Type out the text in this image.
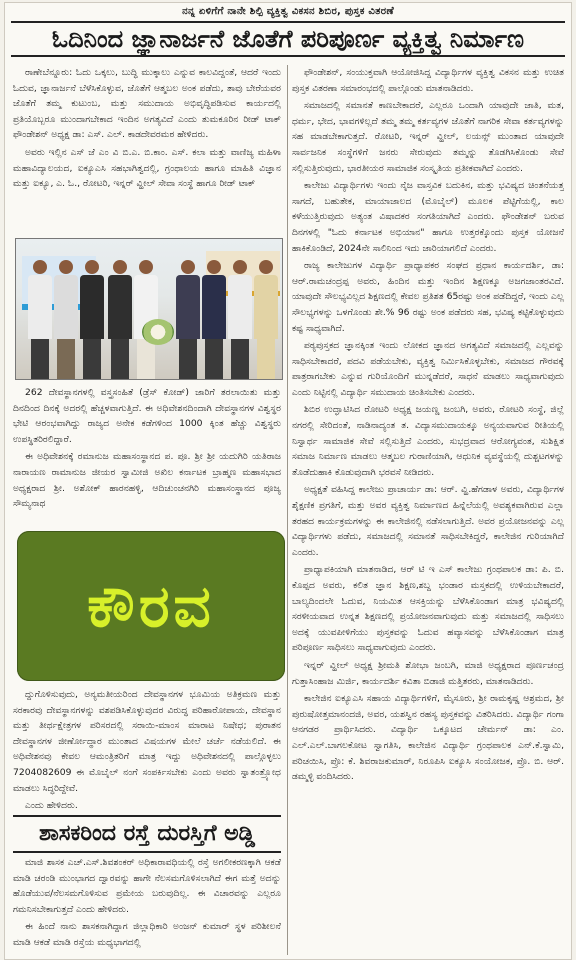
ನನ್ನ ಏಳಿಗೆಗೆ ನಾನೇ ಶಿಲ್ಪಿ ವ್ಯಕ್ತಿತ್ವ ವಿಕಸನ ಶಿಬಿರ, ಪುಸ್ತಕ ವಿತರಣೆ
ಓದಿನಿಂದ ಜ್ಞಾನಾರ್ಜನೆ ಜೊತೆಗೆ ಪರಿಪೂರ್ಣ ವ್ಯಕ್ತಿತ್ವ ನಿರ್ಮಾಣ

ರಾಣೇಬೆನ್ನೂರು: ಓದು ಒಕ್ಕಲು, ಬುದ್ಧಿ ಮುಕ್ಕಾಲು ಎನ್ನುವ ಕಾಲವಿದ್ದಂತೆ, ಆದರೆ ಇಂದು ಓದುವ, ಜ್ಞಾನಾರ್ಜನೆ ಬೆಳೆಸಿಕೊಳ್ಳುವ, ಜೊತೆಗೆ ಆತ್ಮಬಲ ಅಂಕ ಪಡೆದು, ತಾವು ಬೇರೆಯವರ ಜೊತೆಗೆ ತಮ್ಮ ಕುಟುಂಬ, ಮತ್ತು ಸಮುದಾಯ ಅಭಿವೃದ್ಧಿಪಡಿಸುವ ಕಾರ್ಯದಲ್ಲಿ ಪ್ರತಿಯೊಬ್ಬರೂ ಮುಂದಾಗಬೇಕಾದ ಇಂದಿನ ಅಗತ್ಯವಿದೆ ಎಂದು ತುಮಕೂರಿನ ರೀಡ್ ಟಾಕ್ ಫೌಂಡೇಶನ್ ಅಧ್ಯಕ್ಷ ಡಾ: ಎಸ್. ಎಲ್. ಕಾಡದೇವರಮಠ ಹೇಳಿದರು.

ಅವರು ಇಲ್ಲಿನ ಎಸ್ ಜೆ ಎಂ ವಿ ಬಿ.ಎ. ಬಿ.ಕಾಂ. ಎಸ್. ಕಲಾ ಮತ್ತು ವಾಣಿಜ್ಯ ಮಹಿಳಾ ಮಹಾವಿದ್ಯಾಲಯದ, ಐಕ್ಯೂಎಸಿ ಸಹಭಾಗಿತ್ವದಲ್ಲಿ, ಗ್ರಂಥಾಲಯ ಹಾಗೂ ಮಾಹಿತಿ ವಿಜ್ಞಾನ ಮತ್ತು ಐಕ್ಯೂ, ಎ. ಓ., ರೋಟರಿ, ಇನ್ನರ್ ವ್ಹೀಲ್ ಸೇವಾ ಸಂಸ್ಥೆ ಹಾಗೂ ರೀಡ್ ಟಾಕ್

262 ದೇವಸ್ಥಾನಗಳಲ್ಲಿ ವಸ್ತ್ರಸಂಹಿತೆ (ಡ್ರೆಸ್ ಕೋಡ್) ಜಾರಿಗೆ ತರಲಾಯಿತು ಮತ್ತು ದಿನದಿಂದ ದಿನಕ್ಕೆ ಅದರಲ್ಲಿ ಹೆಚ್ಚಳವಾಗುತ್ತಿದೆ. ಈ ಅಧಿವೇಶನದಿಂದಾಗಿ ದೇವಸ್ಥಾನಗಳ ವಿಶ್ವಸ್ಥರ ಭೇಟಿ ಆರಂಭವಾಗಿದ್ದು ರಾಜ್ಯದ ಅನೇಕ ಕಡೆಗಳಿಂದ 1000 ಕ್ಕಿಂತ ಹೆಚ್ಚು ವಿಶ್ವಸ್ಥರು ಉಪಸ್ಥಿತರಿರಲಿದ್ದಾರೆ.

ಈ ಅಧಿವೇಶನಕ್ಕೆ ರಮಾನುಜ ಮಹಾಸಂಸ್ಥಾನದ ಪ. ಪೂ. ಶ್ರೀ ಶ್ರೀ ಯದುಗಿರಿ ಯತಿರಾಜ ನಾರಾಯಣ ರಾಮಾನುಜ ಜೀಯರ ಸ್ವಾಮೀಜಿ ಅಖಿಲ ಕರ್ನಾಟಕ ಬ್ರಾಹ್ಮಣ ಮಹಾಸಭಾದ ಅಧ್ಯಕ್ಷರಾದ ಶ್ರೀ. ಅಶೋಕ್ ಹಾರನಹಳ್ಳಿ, ಆದಿಚುಂಚನಗಿರಿ ಮಹಾಸಂಸ್ಥಾನದ ಪೂಜ್ಯ ಸೌಮ್ಯನಾಥ

ಕೌರವ

ದ್ದುಗೊಳಿಸುವುದು, ಅನ್ಯಮತೀಯರಿಂದ ದೇವಸ್ಥಾನಗಳ ಭೂಮಿಯ ಅತಿಕ್ರಮಣ ಮತ್ತು ಸರಕಾರವು ದೇವಸ್ಥಾನಗಳನ್ನು ವಶಪಡಿಸಿಕೊಳ್ಳುವುದರ ವಿರುದ್ಧ ಪರಿಹಾರೋಪಾಯ, ದೇವಸ್ಥಾನ ಮತ್ತು ತೀರ್ಥಕ್ಷೇತ್ರಗಳ ಪರಿಸರದಲ್ಲಿ ಸರಾಯಿ-ಮಾಂಸ ಮಾರಾಟ ನಿಷೇಧ; ಪುರಾತನ ದೇವಸ್ಥಾನಗಳ ಜೀರ್ಣೋದ್ಧಾರ ಮುಂತಾದ ವಿಷಯಗಳ ಮೇಲೆ ಚರ್ಚೆ ನಡೆಯಲಿದೆ. ಈ ಅಧಿವೇಶನವು ಕೇವಲ ಆಮಂತ್ರಿತರಿಗೆ ಮಾತ್ರ ಇದ್ದು ಅಧಿವೇಶನದಲ್ಲಿ ಪಾಲ್ಗೊಳ್ಳಲು 7204082609 ಈ ಮೊಬೈಲ್ ನಂಗೆ ಸಂಪರ್ಕಿಸಬೇಕು ಎಂದು ಅವರು ಸ್ವಾತಂತ್ರ್ಯೋಧ ಮಾಡಲು ಸಿದ್ಧರಿದ್ದೇವೆ.

ಎಂದು ಹೇಳಿದರು.

ಶಾಸಕರಿಂದ ರಸ್ತೆ ದುರಸ್ತಿಗೆ ಅಡ್ಡಿ

ಮಾಜಿ ಶಾಸಕ ಎಚ್.ಎಸ್.ಶಿವಶಂಕರ್ ಅಧಿಕಾರಾವಧಿಯಲ್ಲಿ ರಸ್ತೆ ಅಗಲೀಕರಣಕ್ಕಾಗಿ ಆಕಡೆ ಮಾಡಿ ಚರಂಡಿ ಮುಂಭಾಗದ ದ್ವಾರವನ್ನು ಹಾಗೇ ನೆಲಸಮಗೊಳಿಸಲಾಗಿದೆ ಈಗ ಮತ್ತೆ ಅದನ್ನು ಹೊಡೆಯುವ/ನೆಲಸಮಗೊಳಿಸುವ ಪ್ರಮೇಯ ಬರುವುದಿಲ್ಲ. ಈ ವಿಚಾರವನ್ನು ಎಲ್ಲರೂ ಗಮನಿಸಬೇಕಾಗುತ್ತದೆ ಎಂದು ಹೇಳಿದರು.

ಈ ಹಿಂದೆ ನಾನು ಶಾಸಕನಾಗಿದ್ದಾಗ ಜಿಲ್ಲಾಧಿಕಾರಿ ಅಂಜನ್ ಕುಮಾರ್ ಸ್ಥಳ ಪರಿಶೀಲನೆ ಮಾಡಿ ಆಕಡೆ ಮಾಡಿ ರಸ್ತೆಯ ಮಧ್ಯಭಾಗದಲ್ಲಿ

ಫೌಂಡೇಶನ್, ಸಂಯುಕ್ತವಾಗಿ ಆಯೋಜಿಸಿದ್ದ ವಿದ್ಯಾರ್ಥಿಗಳ ವ್ಯಕ್ತಿತ್ವ ವಿಕಸನ ಮತ್ತು ಉಚಿತ ಪುಸ್ತಕ ವಿತರಣಾ ಸಮಾರಂಭದಲ್ಲಿ ಪಾಲ್ಗೊಂಡು ಮಾತನಾಡಿದರು.

ಸಮಾಜದಲ್ಲಿ ಸಮಾನತೆ ಕಾಣಬೇಕಾದರೆ, ಎಲ್ಲರೂ ಒಂದಾಗಿ ಯಾವುದೇ ಜಾತಿ, ಮತ, ಧರ್ಮ, ಭೇದ, ಭಾವಗಳಿಲ್ಲದೆ ತಮ್ಮ ತಮ್ಮ ಕರ್ತವ್ಯಗಳ ಜೊತೆಗೆ ನಾಗರಿಕ ಸೇವಾ ಕರ್ತವ್ಯಗಳನ್ನು ಸಹ ಮಾಡಬೇಕಾಗುತ್ತದೆ. ರೋಟರಿ, ಇನ್ನರ್ ವ್ಹೀಲ್, ಲಯನ್ಸ್ ಮುಂತಾದ ಯಾವುದೇ ಸಾರ್ವಜನಿಕ ಸಂಸ್ಥೆಗಳಿಗೆ ಜನರು ಸೇರುವುದು ತಮ್ಮನ್ನು ತೊಡಗಿಸಿಕೊಂಡು ಸೇವೆ ಸಲ್ಲಿಸುತ್ತಿರುವುದು, ಭಾರತೀಯರ ಸಾಮಾಜಿಕ ಸಂಸ್ಕೃತಿಯ ಪ್ರತೀಕವಾಗಿದೆ ಎಂದರು.

ಕಾಲೇಜು ವಿದ್ಯಾರ್ಥಿಗಳು ಇಂದು ನೈಜ ವಾಸ್ತವಿಕ ಬದುಕಿನ, ಮತ್ತು ಭವಿಷ್ಯದ ಚಿಂತನೆಯತ್ತ ಸಾಗದೆ, ಬಹುತೇಕ, ಮಾಯಾಜಾಲದ (ಮೊಬೈಲ್) ಮೂಲಕ ಪೆಟ್ಟಿಗೆಯಲ್ಲಿ, ಕಾಲ ಕಳೆಯುತ್ತಿರುವುದು ಅತ್ಯಂತ ವಿಷಾದಕರ ಸಂಗತಿಯಾಗಿದೆ ಎಂದರು. ಫೌಂಡೇಶನ್ ಬರುವ ದಿನಗಳಲ್ಲಿ "ಓದು ಕರ್ನಾಟಕ ಅಭಿಯಾನ" ಹಾಗೂ ಉತ್ತರಕ್ಕೊಂದು ಪುಸ್ತಕ ಯೋಜನೆ ಹಾಕಿಕೊಂಡಿದೆ, 2024ನೇ ಸಾಲಿನಿಂದ ಇದು ಜಾರಿಯಾಗಲಿದೆ ಎಂದರು.

ರಾಜ್ಯ ಕಾಲೇಜುಗಳ ವಿದ್ಯಾರ್ಥಿ ಪ್ರಾಧ್ಯಾಪಕರ ಸಂಘದ ಪ್ರಧಾನ ಕಾರ್ಯದರ್ಶಿ, ಡಾ: ಆರ್.ರಾಮಚಂದ್ರಪ್ಪ ಅವರು, ಹಿಂದಿನ ಮತ್ತು ಇಂದಿನ ಶಿಕ್ಷಣಕ್ಕೂ ಅಜಗಜಾಂತರವಿದೆ. ಯಾವುದೇ ಸೌಲಭ್ಯವಿಲ್ಲದ ಶಿಕ್ಷಣದಲ್ಲಿ ಕೇವಲ ಪ್ರತಿಶತ 65ರಷ್ಟು ಅಂಕ ಪಡೆದಿದ್ದರೆ, ಇಂದು ಎಲ್ಲ ಸೌಲಭ್ಯಗಳನ್ನು ಒಳಗೊಂಡು ಶೇ.% 96 ರಷ್ಟು ಅಂಕ ಪಡೆದರು ಸಹ, ಭವಿಷ್ಯ ಕಟ್ಟಿಕೊಳ್ಳುವುದು ಕಷ್ಟ ಸಾಧ್ಯವಾಗಿದೆ.

ಪಠ್ಯಪುಸ್ತಕದ ಜ್ಞಾನಕ್ಕಿಂತ ಇಂದು ಲೋಕದ ಜ್ಞಾನದ ಅಗತ್ಯವಿದೆ ಸಮಾಜದಲ್ಲಿ ಎಲ್ಲವನ್ನು ಸಾಧಿಸಬೇಕಾದರೆ, ಪದವಿ ಪಡೆಯಬೇಕು, ವ್ಯಕ್ತಿತ್ವ ನಿರ್ಮಿಸಿಕೊಳ್ಳಬೇಕು, ಸಮಾಜದ ಗೌರವಕ್ಕೆ ಪಾತ್ರರಾಗಬೇಕು ಎನ್ನುವ ಗುರಿಯೊಂದಿಗೆ ಮುನ್ನಡೆದರೆ, ಸಾಧನೆ ಮಾಡಲು ಸಾಧ್ಯವಾಗುವುದು ಎಂದು ನಿಟ್ಟಿನಲ್ಲಿ ವಿದ್ಯಾರ್ಥಿ ಸಮುದಾಯ ಚಿಂತಿಸಬೇಕು ಎಂದರು.

ಶಿಬಿರ ಉದ್ಘಾಟಿಸಿದ ರೋಟರಿ ಅಧ್ಯಕ್ಷ ಜಯಣ್ಣ ಜಂಬಗಿ, ಅವರು, ರೋಟರಿ ಸಂಸ್ಥೆ, ಜಿಲ್ಲೆ ನಗರಲ್ಲಿ ಸೇರಿದಂತೆ, ನಾಡಿನಾದ್ಯಂತ ತ. ವಿದ್ಯಾಸಮುದಾಯಕ್ಕೂ ಅನ್ಯಯವಾಗುವ ರೀತಿಯಲ್ಲಿ ನಿಸ್ವಾರ್ಥ ಸಾಮಾಜಿಕ ಸೇವೆ ಸಲ್ಲಿಸುತ್ತಿದೆ ಎಂದರು, ಸುಭದ್ರವಾದ ಆರೋಗ್ಯವಂತ, ಸುಶಿಕ್ಷಿತ ಸಮಾಜ ನಿರ್ಮಾಣ ಮಾಡಲು ಆತ್ಮಬಲ ಗುರಾಣಿಯಾಗಿ, ಆಧುನಿಕ ವ್ಯವಸ್ಥೆಯಲ್ಲಿ ದುಶ್ಚಟಗಳನ್ನು ತೊಡೆದುಹಾಕಿ ಕೊಡುವುದಾಗಿ ಭರವಸೆ ನೀಡಿದರು.

ಅಧ್ಯಕ್ಷತೆ ವಹಿಸಿದ್ದ ಕಾಲೇಜು ಪ್ರಾಚಾರ್ಯ ಡಾ: ಆರ್. ವ್ಹಿ.ಹೆಗಡಾಳ ಅವರು, ವಿದ್ಯಾರ್ಥಿಗಳ ಶೈಕ್ಷಣಿಕ ಪ್ರಗತಿಗೆ, ಮತ್ತು ಅವರ ವ್ಯಕ್ತಿತ್ವ ನಿರ್ಮಾಣದ ಹಿನ್ನೆಲೆಯಲ್ಲಿ ಅವಶ್ಯಕವಾಗಿರುವ ಎಲ್ಲಾ ತರಹದ ಕಾರ್ಯಕ್ರಮಗಳನ್ನು ಈ ಕಾಲೇಜಿನಲ್ಲಿ ನಡೆಸಲಾಗುತ್ತಿದೆ. ಅವರ ಪ್ರಯೋಜನವನ್ನು ಎಲ್ಲ ವಿದ್ಯಾರ್ಥಿಗಳು ಪಡೆದು, ಸಮಾಜದಲ್ಲಿ ಸಮಾನತೆ ಸಾಧಿಸಬೇಕಿದ್ದರೆ, ಕಾಲೇಜಿನ ಗುರಿಯಾಗಿದೆ ಎಂದರು.

ಪ್ರಾಧ್ಯಾಪಕಿಯಾಗಿ ಮಾತನಾಡಿದ, ಆರ್ ಟಿ ಇ ಎಸ್ ಕಾಲೇಜು ಗ್ರಂಥಪಾಲಕ ಡಾ: ಪಿ. ಬಿ. ಕೊಪ್ಪದ ಅವರು, ಕಲಿತ ಜ್ಞಾನ ಶಿಕ್ಷಣ,ಶಬ್ದ ಭಂಡಾರ ಮಸ್ತಕದಲ್ಲಿ ಉಳಿಯಬೇಕಾದರೆ, ಬಾಲ್ಯದಿಂದಲೇ ಓದುವ, ನಿಯಮಿತ ಆಸಕ್ತಿಯನ್ನು ಬೆಳೆಸಿಕೊಂಡಾಗ ಮಾತ್ರ ಭವಿಷ್ಯದಲ್ಲಿ ಸರಳೀಯವಾದ ಉನ್ನತ ಶಿಕ್ಷಣದಲ್ಲಿ ಪ್ರಯೋಜನವಾಗುವುದು ಮತ್ತು ಸಮಾಜದಲ್ಲಿ ಸಾಧಿಸಲು ಅದಕ್ಕೆ ಯುವಪೀಳಿಗೆಯು ಪುಸ್ತಕವನ್ನು ಓದುವ ಹವ್ಯಾಸವನ್ನು ಬೆಳೆಸಿಕೊಂಡಾಗ ಮಾತ್ರ ಪರಿಪೂರ್ಣ ಸಾಧಿಸಲು ಸಾಧ್ಯವಾಗುವುದು ಎಂದರು.

ಇನ್ನರ್ ವ್ಹೀಲ್ ಅಧ್ಯಕ್ಷ ಶ್ರೀಮತಿ ಶೋಭಾ ಜಂಬಗಿ, ಮಾಜಿ ಅಧ್ಯಕ್ಷರಾದ ಪೂರ್ಣಚಂದ್ರ ಗುತ್ತಾಸಿಂಹಾಜ ಮಿರ್ಜಿ, ಕಾರ್ಯದರ್ಶಿ ಕವಿತಾ ಬಿಡಾಜಿ ಮತ್ತಿತರರು, ಮಾತನಾಡಿದರು.

ಕಾಲೇಜಿನ ಐಕ್ಯೂಎಸಿ ಸಹಾಯ ವಿದ್ಯಾರ್ಥಿಗಳಿಗೆ, ಮೈಸೂರು, ಶ್ರೀ ರಾಮಕೃಷ್ಣ ಆಶ್ರಮದ, ಶ್ರೀ ಪುರುಷೋತ್ತಮಾನಂದಜಿ, ಅವರ, ಯಶಸ್ವಿನ ರಹಸ್ಯ ಪುಸ್ತಕವನ್ನು ವಿತರಿಸಿದರು. ವಿದ್ಯಾರ್ಥಿ ಗಂಗಾ ಆನಗಡರ ಪ್ರಾರ್ಥಿಸಿದರು. ವಿದ್ಯಾರ್ಥಿ ಒಕ್ಕೂಟದ ಚೇರ್ಮನ್ ಡಾ: ಎಂ. ಎಲ್.ಎಲ್.ಬಾಗಲಕೋಟ ಸ್ವಾಗತಿಸಿ, ಕಾಲೇಜಿನ ವಿದ್ಯಾರ್ಥಿ ಗ್ರಂಥಪಾಲಕ ಎನ್.ಕೆ.ಸ್ವಾಮಿ, ಪರಿಚಯಿಸಿ, ಪ್ರೊ: ಕೆ. ಶಿವರಾಜಕುಮಾರ್, ನಿರೂಪಿಸಿ ಐಕ್ಯೂಸಿ ಸಂಯೋಜಕ, ಪ್ರೊ. ಬಿ. ಆರ್. ಡಮ್ಮಳ್ಳಿ ವಂದಿಸಿದರು.
